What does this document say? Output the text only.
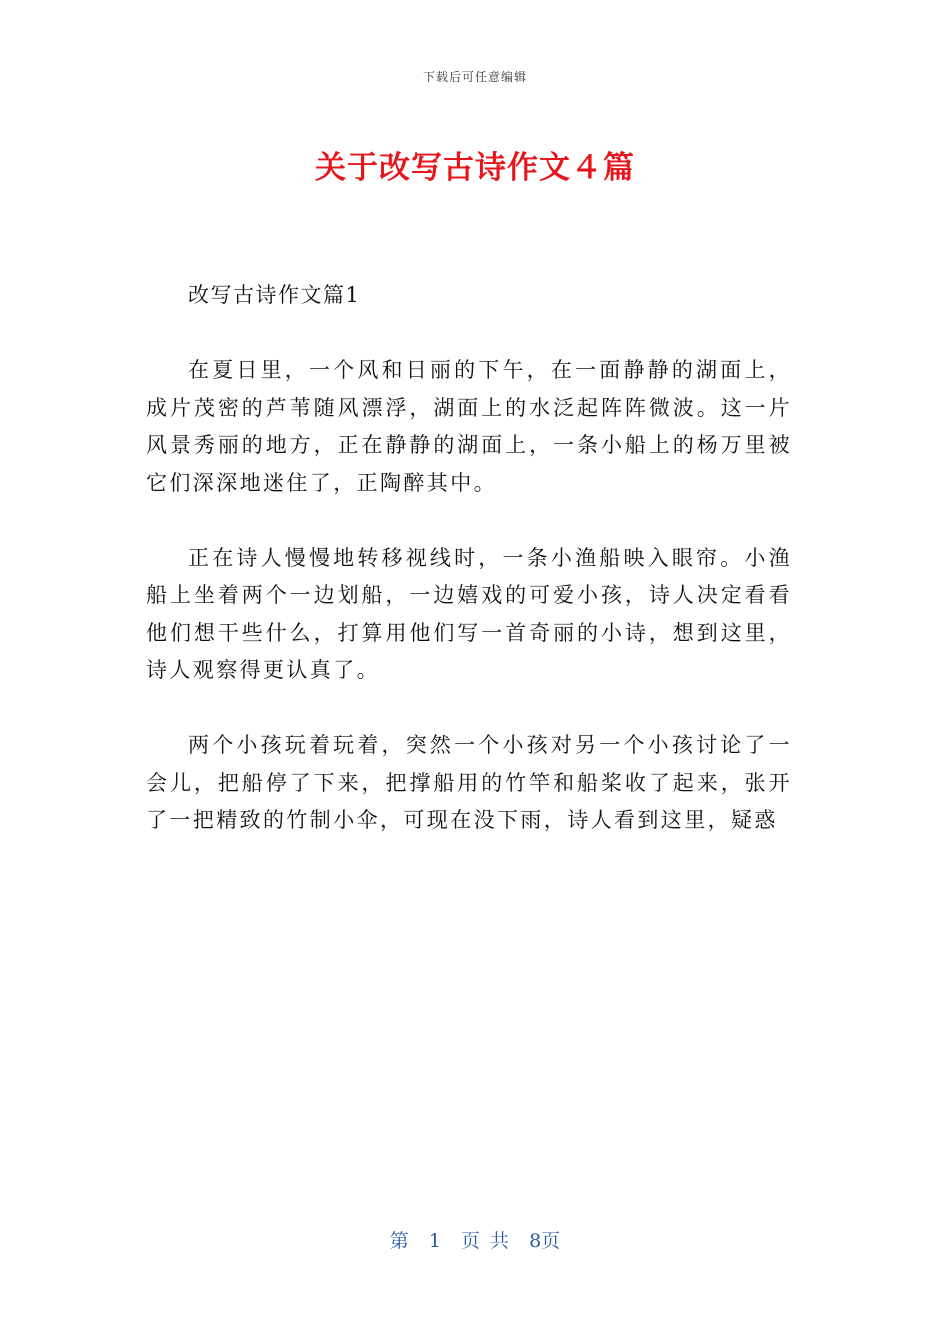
下载后可任意编辑
关于改写古诗作文４篇

改写古诗作文篇1

在夏日里，一个风和日丽的下午，在一面静静的湖面上，成片茂密的芦苇随风漂浮，湖面上的水泛起阵阵微波。这一片风景秀丽的地方，正在静静的湖面上，一条小船上的杨万里被它们深深地迷住了，正陶醉其中。

正在诗人慢慢地转移视线时，一条小渔船映入眼帘。小渔船上坐着两个一边划船，一边嬉戏的可爱小孩，诗人决定看看他们想干些什么，打算用他们写一首奇丽的小诗，想到这里，诗人观察得更认真了。

两个小孩玩着玩着，突然一个小孩对另一个小孩讨论了一会儿，把船停了下来，把撑船用的竹竿和船桨收了起来，张开了一把精致的竹制小伞，可现在没下雨，诗人看到这里，疑惑

第 1 页 共 8页
